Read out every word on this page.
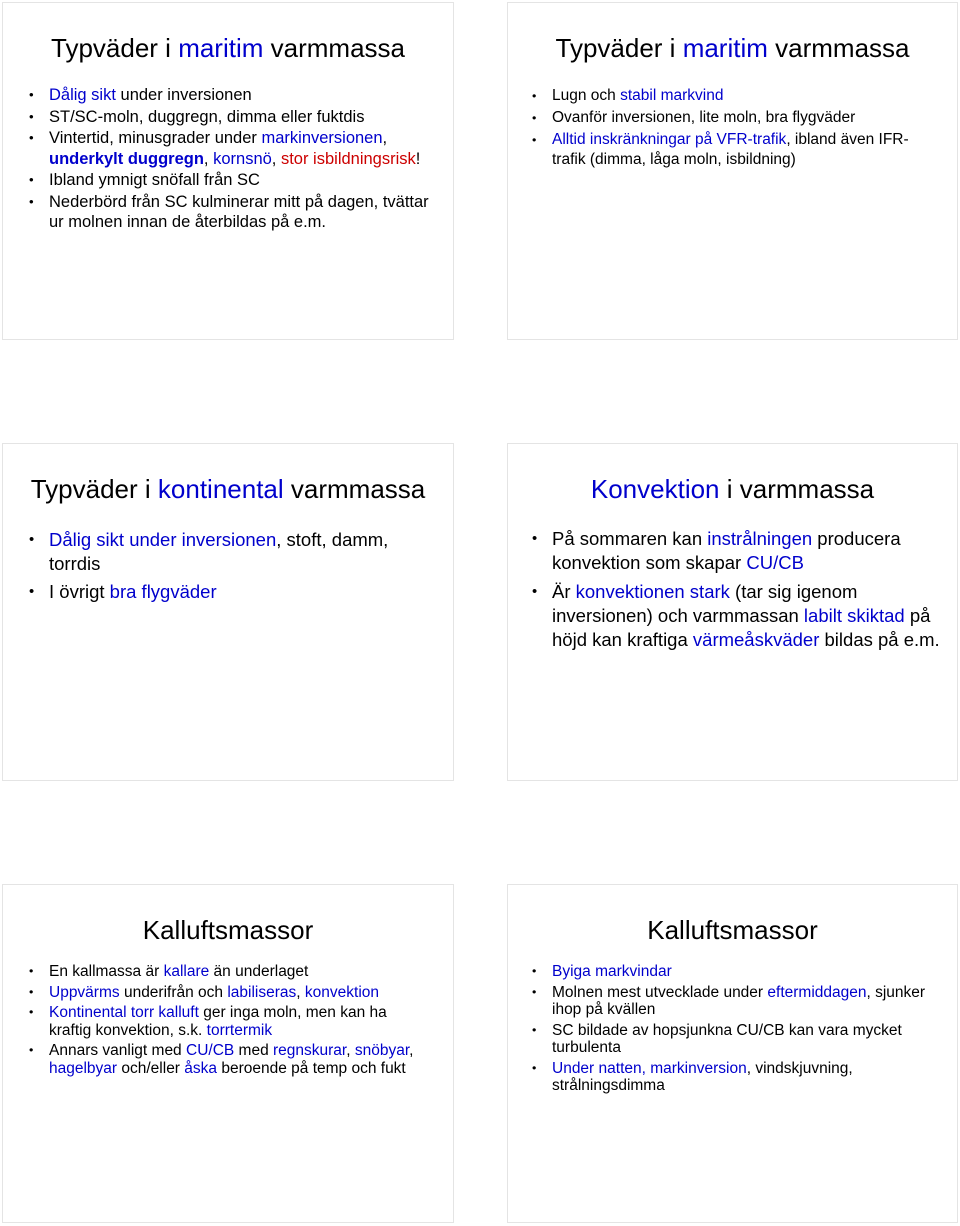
Typväder i maritim varmmassa
• Dålig sikt under inversionen
• ST/SC-moln, duggregn, dimma eller fuktdis
• Vintertid, minusgrader under markinversionen, underkylt duggregn, kornsnö, stor isbildningsrisk!
• Ibland ymnigt snöfall från SC
• Nederbörd från SC kulminerar mitt på dagen, tvättar ur molnen innan de återbildas på e.m.
Typväder i maritim varmmassa
• Lugn och stabil markvind
• Ovanför inversionen, lite moln, bra flygväder
• Alltid inskränkningar på VFR-trafik, ibland även IFR-trafik (dimma, låga moln, isbildning)
Typväder i kontinental varmmassa
• Dålig sikt under inversionen, stoft, damm, torrdis
• I övrigt bra flygväder
Konvektion i varmmassa
• På sommaren kan instrålningen producera konvektion som skapar CU/CB
• Är konvektionen stark (tar sig igenom inversionen) och varmmassan labilt skiktad på höjd kan kraftiga värmeåskväder bildas på e.m.
Kalluftsmassor
• En kallmassa är kallare än underlaget
• Uppvärms underifrån och labiliseras, konvektion
• Kontinental torr kalluft ger inga moln, men kan ha kraftig konvektion, s.k. torrtermik
• Annars vanligt med CU/CB med regnskurar, snöbyar, hagelbyar och/eller åska beroende på temp och fukt
Kalluftsmassor
• Byiga markvindar
• Molnen mest utvecklade under eftermiddagen, sjunker ihop på kvällen
• SC bildade av hopsjunkna CU/CB kan vara mycket turbulenta
• Under natten, markinversion, vindskjuvning, strålningsdimma
